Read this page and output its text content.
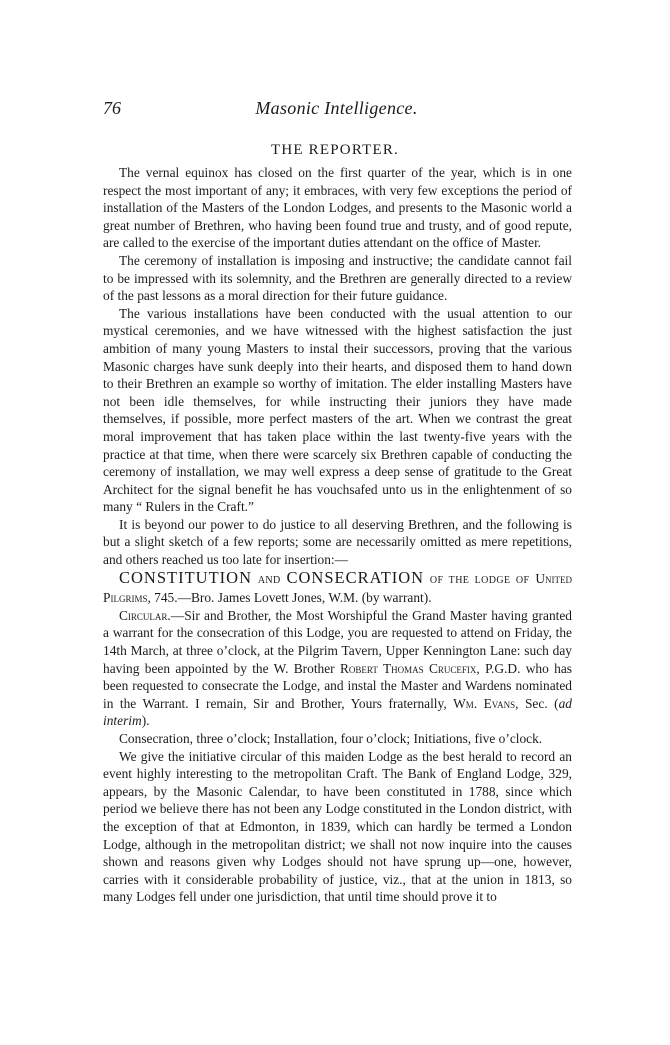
76	Masonic Intelligence.
THE REPORTER.

The vernal equinox has closed on the first quarter of the year, which is in one respect the most important of any; it embraces, with very few exceptions the period of installation of the Masters of the London Lodges, and presents to the Masonic world a great number of Brethren, who having been found true and trusty, and of good repute, are called to the exercise of the important duties attendant on the office of Master.

The ceremony of installation is imposing and instructive; the candidate cannot fail to be impressed with its solemnity, and the Brethren are generally directed to a review of the past lessons as a moral direction for their future guidance.

The various installations have been conducted with the usual attention to our mystical ceremonies, and we have witnessed with the highest satisfaction the just ambition of many young Masters to instal their successors, proving that the various Masonic charges have sunk deeply into their hearts, and disposed them to hand down to their Brethren an example so worthy of imitation. The elder installing Masters have not been idle themselves, for while instructing their juniors they have made themselves, if possible, more perfect masters of the art. When we contrast the great moral improvement that has taken place within the last twenty-five years with the practice at that time, when there were scarcely six Brethren capable of conducting the ceremony of installation, we may well express a deep sense of gratitude to the Great Architect for the signal benefit he has vouchsafed unto us in the enlightenment of so many “ Rulers in the Craft.”

It is beyond our power to do justice to all deserving Brethren, and the following is but a slight sketch of a few reports; some are necessarily omitted as mere repetitions, and others reached us too late for insertion:—

CONSTITUTION AND CONSECRATION OF THE LODGE OF United Pilgrims, 745.—Bro. James Lovett Jones, W.M. (by warrant).

Circular.—Sir and Brother, the Most Worshipful the Grand Master having granted a warrant for the consecration of this Lodge, you are requested to attend on Friday, the 14th March, at three o’clock, at the Pilgrim Tavern, Upper Kennington Lane: such day having been appointed by the W. Brother Robert Thomas Crucefix, P.G.D. who has been requested to consecrate the Lodge, and instal the Master and Wardens nominated in the Warrant. I remain, Sir and Brother, Yours fraternally, Wm. Evans, Sec. (ad interim).

Consecration, three o’clock; Installation, four o’clock; Initiations, five o’clock.

We give the initiative circular of this maiden Lodge as the best herald to record an event highly interesting to the metropolitan Craft. The Bank of England Lodge, 329, appears, by the Masonic Calendar, to have been constituted in 1788, since which period we believe there has not been any Lodge constituted in the London district, with the exception of that at Edmonton, in 1839, which can hardly be termed a London Lodge, although in the metropolitan district; we shall not now inquire into the causes shown and reasons given why Lodges should not have sprung up—one, however, carries with it considerable probability of justice, viz., that at the union in 1813, so many Lodges fell under one jurisdiction, that until time should prove it to
